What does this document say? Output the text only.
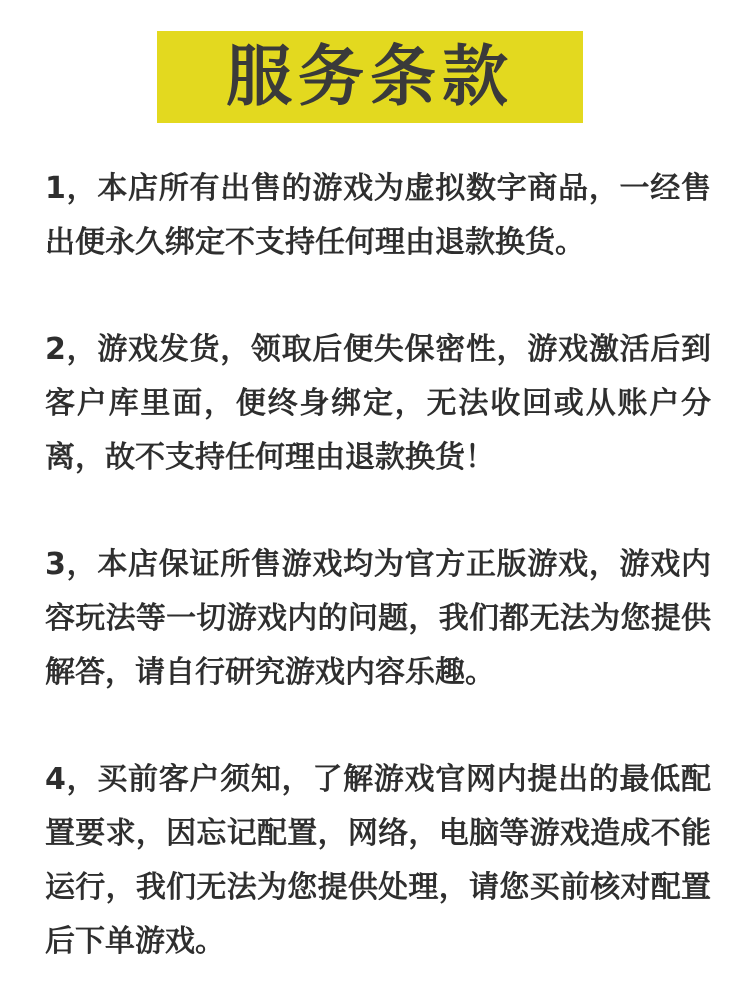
服务条款

1，本店所有出售的游戏为虚拟数字商品，一经售出便永久绑定不支持任何理由退款换货。

2，游戏发货，领取后便失保密性，游戏激活后到客户库里面，便终身绑定，无法收回或从账户分离，故不支持任何理由退款换货！

3，本店保证所售游戏均为官方正版游戏，游戏内容玩法等一切游戏内的问题，我们都无法为您提供解答，请自行研究游戏内容乐趣。

4，买前客户须知，了解游戏官网内提出的最低配置要求，因忘记配置，网络，电脑等游戏造成不能运行，我们无法为您提供处理，请您买前核对配置后下单游戏。
